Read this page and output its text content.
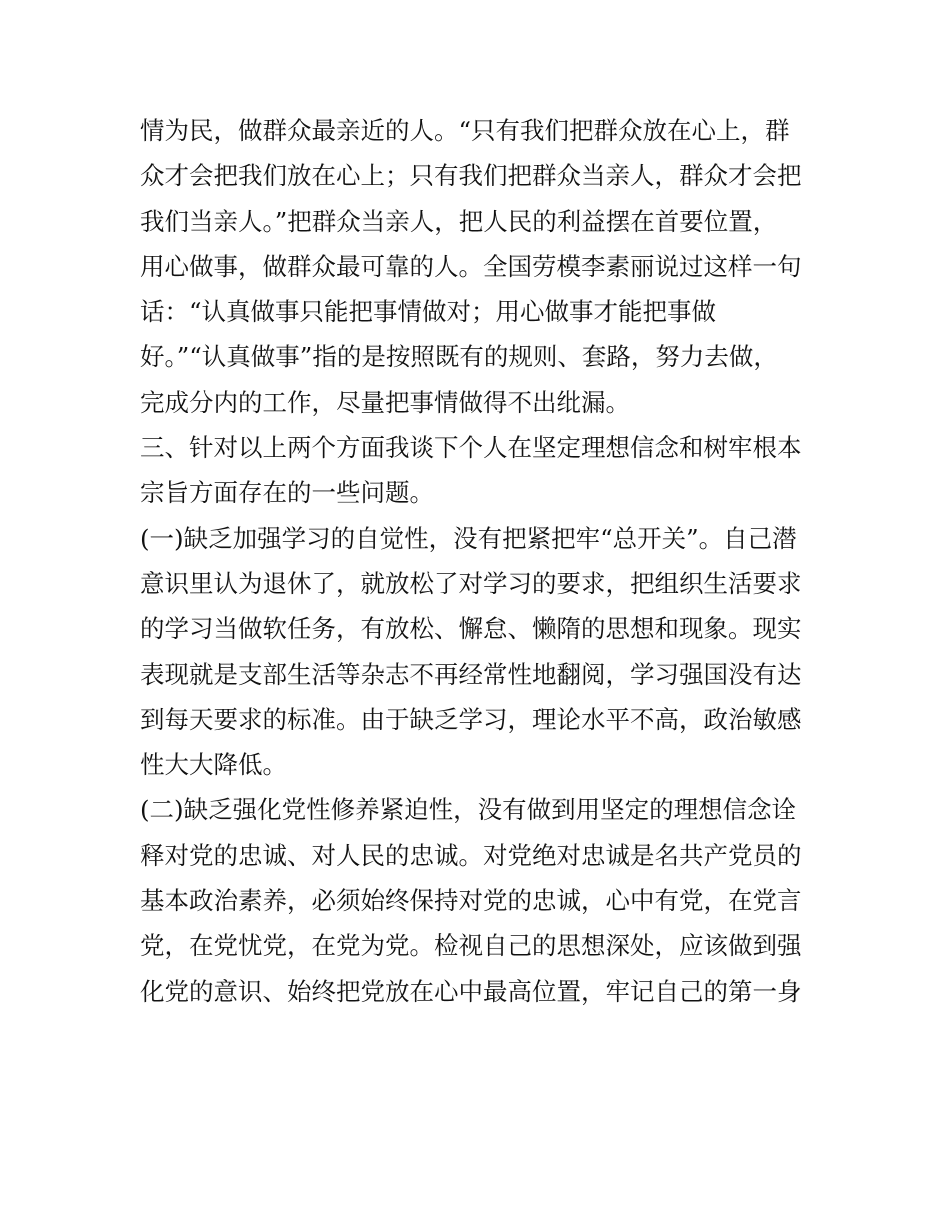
情为民，做群众最亲近的人。“只有我们把群众放在心上，群
众才会把我们放在心上；只有我们把群众当亲人，群众才会把
我们当亲人。”把群众当亲人，把人民的利益摆在首要位置，
用心做事，做群众最可靠的人。全国劳模李素丽说过这样一句
话：“认真做事只能把事情做对；用心做事才能把事做
好。”“认真做事”指的是按照既有的规则、套路，努力去做，
完成分内的工作，尽量把事情做得不出纰漏。
三、针对以上两个方面我谈下个人在坚定理想信念和树牢根本
宗旨方面存在的一些问题。
(一)缺乏加强学习的自觉性，没有把紧把牢“总开关”。自己潜
意识里认为退休了，就放松了对学习的要求，把组织生活要求
的学习当做软任务，有放松、懈怠、懒隋的思想和现象。现实
表现就是支部生活等杂志不再经常性地翻阅，学习强国没有达
到每天要求的标准。由于缺乏学习，理论水平不高，政治敏感
性大大降低。
(二)缺乏强化党性修养紧迫性，没有做到用坚定的理想信念诠
释对党的忠诚、对人民的忠诚。对党绝对忠诚是名共产党员的
基本政治素养，必须始终保持对党的忠诚，心中有党，在党言
党，在党忧党，在党为党。检视自己的思想深处，应该做到强
化党的意识、始终把党放在心中最高位置，牢记自己的第一身
